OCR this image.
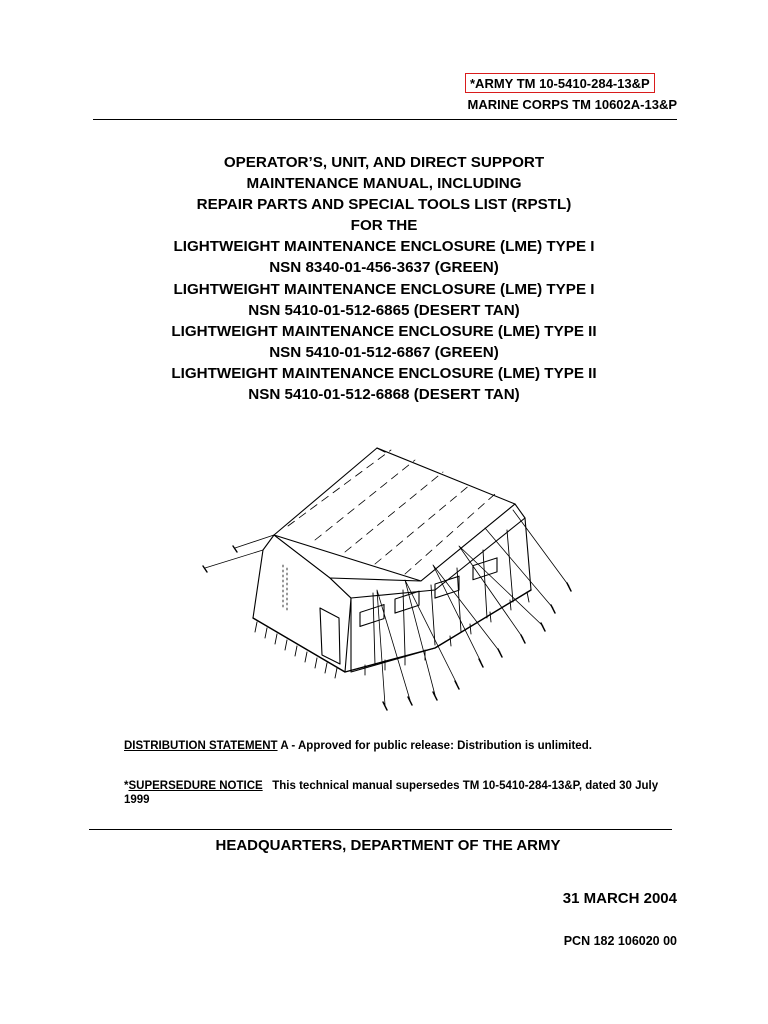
*ARMY TM 10-5410-284-13&P
MARINE CORPS TM 10602A-13&P
OPERATOR’S, UNIT, AND DIRECT SUPPORT
MAINTENANCE MANUAL, INCLUDING
REPAIR PARTS AND SPECIAL TOOLS LIST (RPSTL)
FOR THE
LIGHTWEIGHT MAINTENANCE ENCLOSURE (LME) TYPE I
NSN 8340-01-456-3637 (GREEN)
LIGHTWEIGHT MAINTENANCE ENCLOSURE (LME) TYPE I
NSN 5410-01-512-6865 (DESERT TAN)
LIGHTWEIGHT MAINTENANCE ENCLOSURE (LME) TYPE II
NSN 5410-01-512-6867 (GREEN)
LIGHTWEIGHT MAINTENANCE ENCLOSURE (LME) TYPE II
NSN 5410-01-512-6868 (DESERT TAN)
DISTRIBUTION STATEMENT A - Approved for public release: Distribution is unlimited.
*SUPERSEDURE NOTICE   This technical manual supersedes TM 10-5410-284-13&P, dated 30 July 1999
HEADQUARTERS, DEPARTMENT OF THE ARMY
31 MARCH 2004
PCN 182 106020 00
